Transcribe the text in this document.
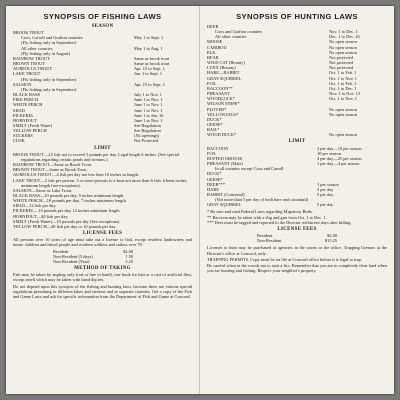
SYNOPSIS OF FISHING LAWS
SEASON
BROOK TROUT
Coos, Carroll and Grafton counties	May 1 to Sept. 1
(Fly fishing only in September)
All other counties	May 1 to Aug. 1
(Fly fishing only in August)
RAINBOW TROUT	Same as brook trout
BROWN TROUT	Same as brook trout
AUREOLUS TROUT	Apr. 15 to Sept. 1
LAKE TROUT	Jan. 1 to Sept. 1
(Fly fishing only in September)
SALMON	Apr. 15 to Sept. 1
(Fly fishing only in September)
BLACK BASS	July 1 to Nov. 1
PIKE PERCH	June 1 to Nov. 1
WHITE PERCH	June 1 to Nov. 1
SHAD	June 1 to Nov. 1
PICKEREL	June 1 to Jan. 16
HORNPOUT	June 1 to Nov. 1
SMELT (Fresh Water)	See Regulation
YELLOW PERCH	See Regulation
SUCKERS	(No openings)
CUSK	Not Protected
LIMIT
BROOK TROUT—25 fish not to exceed 5 pounds per day. Legal length 6 inches. (See special regulations regarding certain ponds and streams.)
RAINBOW TROUT—Same as Brook Trout.
BROWN TROUT—Same as Brook Trout.
AUREOLUS TROUT—4 fish per day not less than 10 inches in length.
LAKE TROUT—2 fish per person, 3 or more persons to a boat not more than 6 fish, fifteen inches minimum length (see exceptions).
SALMON—Same as Lake Trout.
BLACK BASS—10 pounds per day, 9 inches minimum length.
WHITE PERCH—10 pounds per day, 7 inches minimum length.
SHAD—12 fish per day.
PICKEREL—10 pounds per day, 12 inches minimum length.
HORNPOUT—40 fish per day.
SMELT (Fresh Water)—10 pounds per day (See exceptions).
YELLOW PERCH—40 fish per day or 10 pounds per day.
LICENSE FEES
All persons over 16 years of age must take out a license to fish, except resident landowners and minor children and blood people and resident soldiers and sailors over 70.
Resident	$2.00
Non-Resident (5 days)	1.50
Non-Resident (Year)	5.25
METHOD OF TAKING
Fish may be taken by angling only (rod or line in hand), one hook for bait or a cast of artificial flies, except smelt which may be taken with hand dip net.
Do not depend upon this synopsis of the fishing and hunting laws, because there are various special regulations pertaining to different lakes and streams and to separate counties. Get a copy of the Fish and Game Laws and ask for specific information from the Department of Fish and Game at Concord.
SYNOPSIS OF HUNTING LAWS
DEER
Coos and Grafton counties	Nov. 1 to Dec. 1
All other counties	Dec. 1 to Dec. 16
MOOSE	No open season
CARIBOU	No open season
ELK	No open season
BEAR	Not protected
WILD CAT (Bounty)	Not protected
LYNX (Bounty)	Not protected
HARE—RABBIT	Oct. 1 to Feb. 1
GRAY SQUIRREL	Oct. 1 to Nov. 1
FOX	Oct. 1 to Feb. 1
RACCOON**	Oct. 1 to Dec. 1
PHEASANT	Nov. 1 to Nov. 15
WOODCOCK*	Oct. 1 to Nov. 1
WILSON SNIPE*
PLOVER*	No open season
YELLOWLEGS*	No open season
DUCK*
GEESE*
RAIL*
WOOD DUCK*	No open season
LIMIT
RACCOON	3 per day—10 per season
FOX	10 per season
RUFFED GROUSE	4 per day—25 per season
PHEASANT (Male)	1 per day—4 per season
In all counties except Coos and Carroll
DUCK*
GEESE*
DEER***	1 per season
HARE	5 per day
RABBIT (Cottontail)	5 per day
(Not more than 5 per day of both hare and cottontail)
GRAY SQUIRREL	5 per day
* Be sure and read Federal Laws regarding Migratory Birds.
** Raccoon may be taken with a dog and gun from Oct. 1 to Dec. 1.
*** Deer must be tagged and reported to the Director within ten days after killing.
LICENSE FEES
Resident	$2.00
Non-Resident	$15.25
Licenses to hunt may be purchased at agencies in the towns or the office. Trapping licenses at the Director's office at Concord, only.
TRAPPING PERMITS. Copy must be on file at Concord office before it is legal to trap.
Be careful when in the woods not to start a fire. Remember that you are to completely clear land when you are hunting and fishing. Respect your neighbor's property.
